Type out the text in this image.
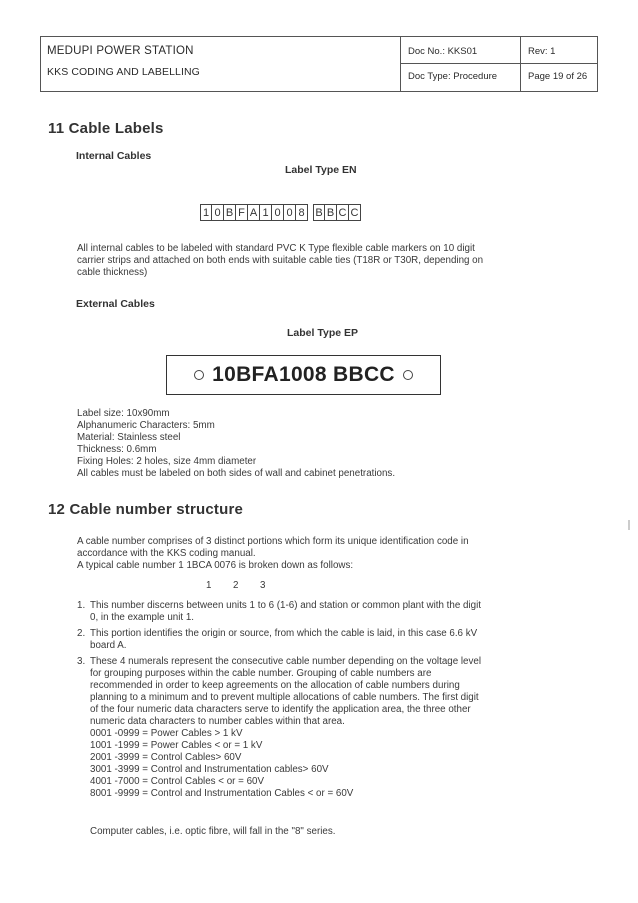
MEDUPI POWER STATION
KKS CODING AND LABELLING
Doc No.: KKS01	Rev: 1
Doc Type: Procedure	Page 19 of 26
11 Cable Labels
Internal Cables
Label Type EN
1 0 B F A 1 0 0 8 B B C C
All internal cables to be labeled with standard PVC K Type flexible cable markers on 10 digit
carrier strips and attached on both ends with suitable cable ties (T18R or T30R, depending on
cable thickness)
External Cables
Label Type EP
10BFA1008 BBCC
Label size: 10x90mm
Alphanumeric Characters: 5mm
Material: Stainless steel
Thickness: 0.6mm
Fixing Holes: 2 holes, size 4mm diameter
All cables must be labeled on both sides of wall and cabinet penetrations.
12 Cable number structure
A cable number comprises of 3 distinct portions which form its unique identification code in
accordance with the KKS coding manual.
A typical cable number 1 1BCA 0076 is broken down as follows:
1 2 3
1. This number discerns between units 1 to 6 (1-6) and station or common plant with the digit
0, in the example unit 1.
2. This portion identifies the origin or source, from which the cable is laid, in this case 6.6 kV
board A.
3. These 4 numerals represent the consecutive cable number depending on the voltage level
for grouping purposes within the cable number. Grouping of cable numbers are
recommended in order to keep agreements on the allocation of cable numbers during
planning to a minimum and to prevent multiple allocations of cable numbers. The first digit
of the four numeric data characters serve to identify the application area, the three other
numeric data characters to number cables within that area.
0001 -0999 = Power Cables > 1 kV
1001 -1999 = Power Cables < or = 1 kV
2001 -3999 = Control Cables> 60V
3001 -3999 = Control and Instrumentation cables> 60V
4001 -7000 = Control Cables < or = 60V
8001 -9999 = Control and Instrumentation Cables < or = 60V
Computer cables, i.e. optic fibre, will fall in the "8" series.
